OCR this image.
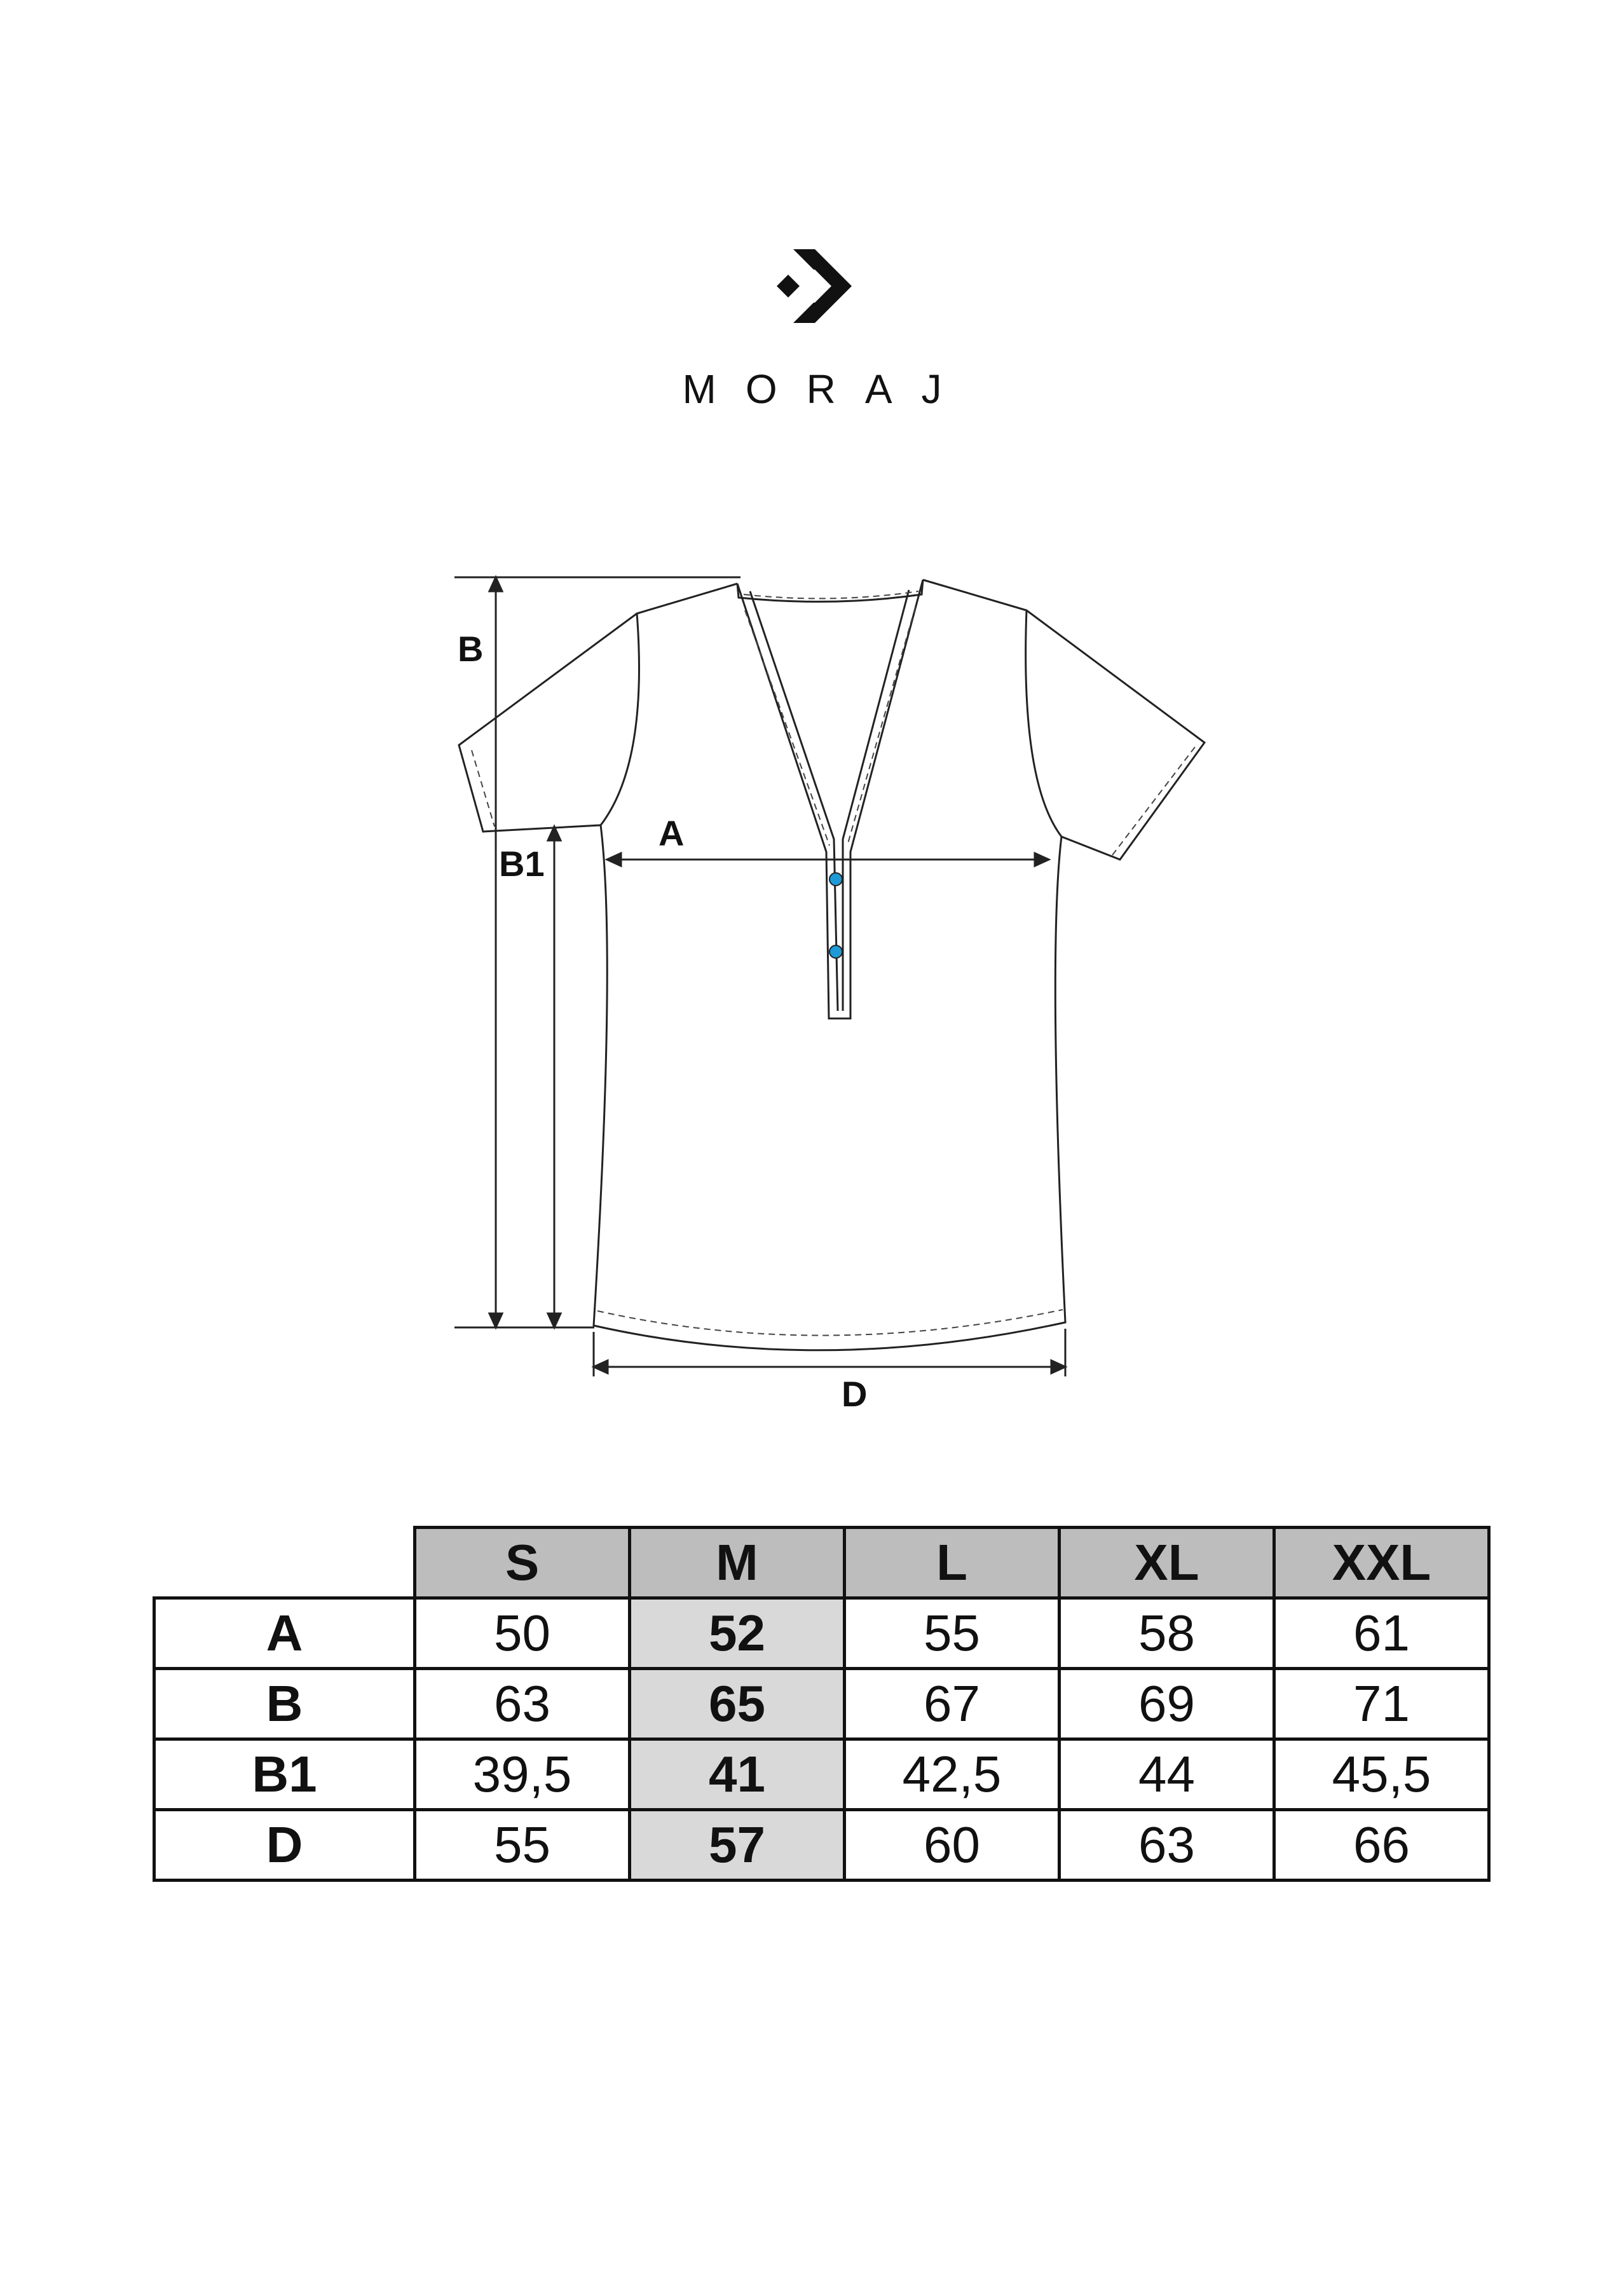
MORAJ
B
B1
A
D
	S	M	L	XL	XXL
A	50	52	55	58	61
B	63	65	67	69	71
B1	39,5	41	42,5	44	45,5
D	55	57	60	63	66
